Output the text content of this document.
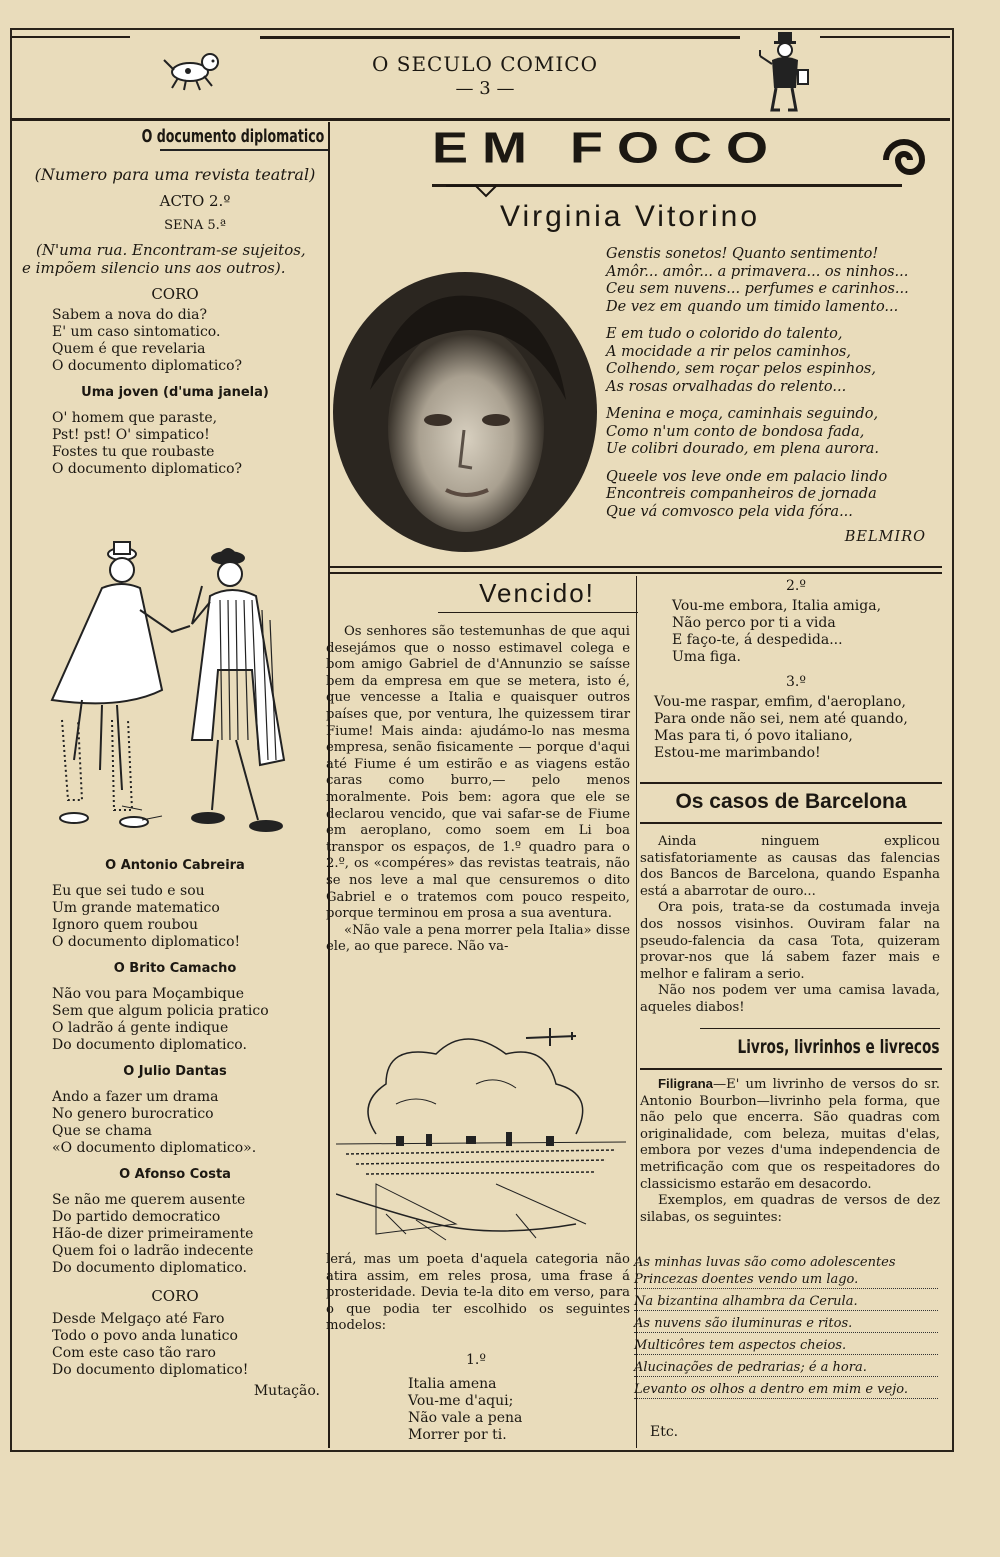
O SECULO COMICO
— 3 —
O documento diplomatico
(Numero para uma revista teatral)
ACTO 2.º
SENA 5.ª
(N'uma rua. Encontram-se sujeitos,
e impõem silencio uns aos outros).
CORO
Sabem a nova do dia?
E' um caso sintomatico.
Quem é que revelaria
O documento diplomatico?
Uma joven (d'uma janela)
O' homem que paraste,
Pst! pst! O' simpatico!
Fostes tu que roubaste
O documento diplomatico?
O Antonio Cabreira
Eu que sei tudo e sou
Um grande matematico
Ignoro quem roubou
O documento diplomatico!
O Brito Camacho
Não vou para Moçambique
Sem que algum policia pratico
O ladrão á gente indique
Do documento diplomatico.
O Julio Dantas
Ando a fazer um drama
No genero burocratico
Que se chama
«O documento diplomatico».
O Afonso Costa
Se não me querem ausente
Do partido democratico
Hão-de dizer primeiramente
Quem foi o ladrão indecente
Do documento diplomatico.
CORO
Desde Melgaço até Faro
Todo o povo anda lunatico
Com este caso tão raro
Do documento diplomatico!
Mutação.
EM FOCO
Virginia Vitorino
Genstis sonetos! Quanto sentimento!
Amôr... amôr... a primavera... os ninhos...
Ceu sem nuvens... perfumes e carinhos...
De vez em quando um timido lamento...
E em tudo o colorido do talento,
A mocidade a rir pelos caminhos,
Colhendo, sem roçar pelos espinhos,
As rosas orvalhadas do relento...
Menina e moça, caminhais seguindo,
Como n'um conto de bondosa fada,
Ue colibri dourado, em plena aurora.
Queele vos leve onde em palacio lindo
Encontreis companheiros de jornada
Que vá comvosco pela vida fóra...
BELMIRO
Vencido!

Os senhores são testemunhas de que aqui desejámos que o nosso estimavel colega e bom amigo Gabriel de d'Annunzio se saísse bem da empresa em que se metera, isto é, que vencesse a Italia e quaisquer outros países que, por ventura, lhe quizessem tirar Fiume! Mais ainda: ajudámo-lo nas mesma empresa, senão fisicamente — porque d'aqui até Fiume é um estirão e as viagens estão caras como burro,— pelo menos moralmente. Pois bem: agora que ele se declarou vencido, que vai safar-se de Fiume em aeroplano, como soem em Li boa transpor os espaços, de 1.º quadro para o 2.º, os «compéres» das revistas teatrais, não se nos leve a mal que censuremos o dito Gabriel e o tratemos com pouco respeito, porque terminou em prosa a sua aventura.

«Não vale a pena morrer pela Italia» disse ele, ao que parece. Não va-

lerá, mas um poeta d'aquela categoria não atira assim, em reles prosa, uma frase á prosteridade. Devia te-la dito em verso, para o que podia ter escolhido os seguintes modelos:

1.º
Italia amena
Vou-me d'aqui;
Não vale a pena
Morrer por ti.
2.º
Vou-me embora, Italia amiga,
Não perco por ti a vida
E faço-te, á despedida...
Uma figa.
3.º
Vou-me raspar, emfim, d'aeroplano,
Para onde não sei, nem até quando,
Mas para ti, ó povo italiano,
Estou-me marimbando!
Os casos de Barcelona

Ainda ninguem explicou satisfatoriamente as causas das falencias dos Bancos de Barcelona, quando Espanha está a abarrotar de ouro...

Ora pois, trata-se da costumada inveja dos nossos visinhos. Ouviram falar na pseudo-falencia da casa Tota, quizeram provar-nos que lá sabem fazer mais e melhor e faliram a serio.

Não nos podem ver uma camisa lavada, aqueles diabos!

Livros, livrinhos e livrecos

Filigrana—E' um livrinho de versos do sr. Antonio Bourbon—livrinho pela forma, que não pelo que encerra. São quadras com originalidade, com beleza, muitas d'elas, embora por vezes d'uma independencia de metrificação com que os respeitadores do classicismo estarão em desacordo.

Exemplos, em quadras de versos de dez silabas, os seguintes:

As minhas luvas são como adolescentes
Princezas doentes vendo um lago.
Na bizantina alhambra da Cerula.
As nuvens são iluminuras e ritos.
Multicôres tem aspectos cheios.
Alucinações de pedrarias; é a hora.
Levanto os olhos a dentro em mim e vejo.
Etc.
